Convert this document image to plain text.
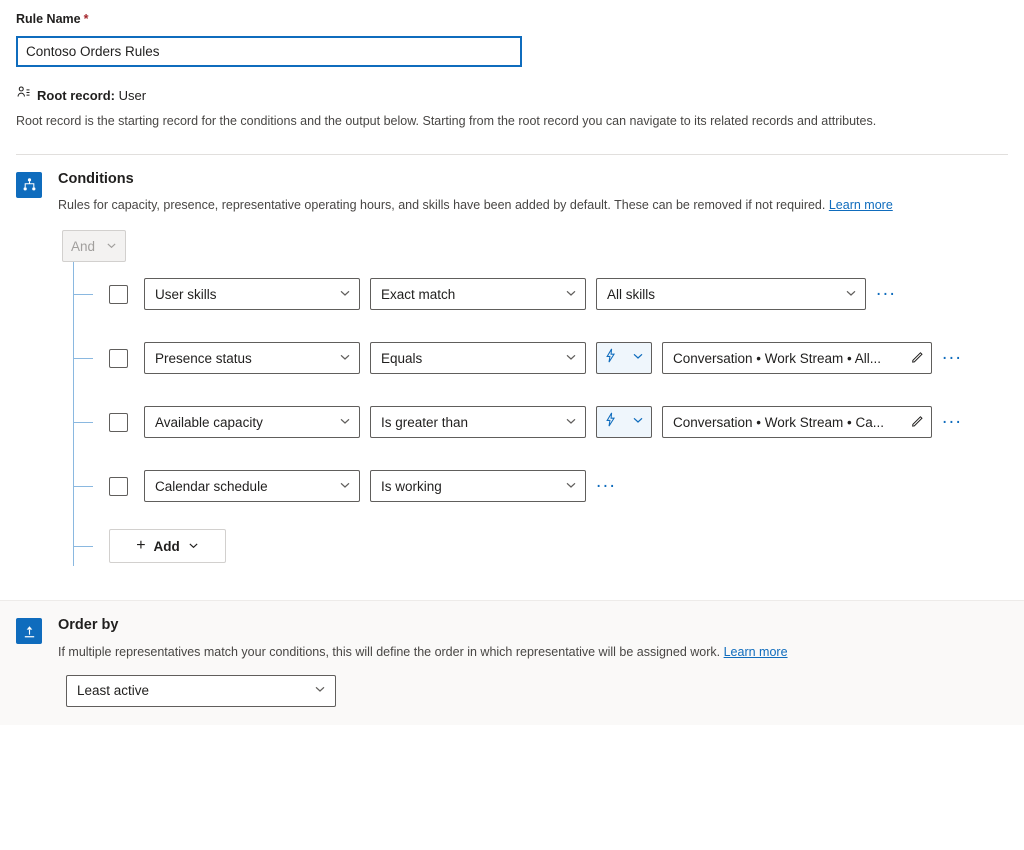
Rule Name *
Contoso Orders Rules
Root record: User
Root record is the starting record for the conditions and the output below. Starting from the root record you can navigate to its related records and attributes.
Conditions
Rules for capacity, presence, representative operating hours, and skills have been added by default. These can be removed if not required. Learn more
And
User skills	Exact match	All skills	...
Presence status	Equals	Conversation • Work Stream • All...	...
Available capacity	Is greater than	Conversation • Work Stream • Ca...	...
Calendar schedule	Is working	...
+ Add
Order by
If multiple representatives match your conditions, this will define the order in which representative will be assigned work. Learn more
Least active
